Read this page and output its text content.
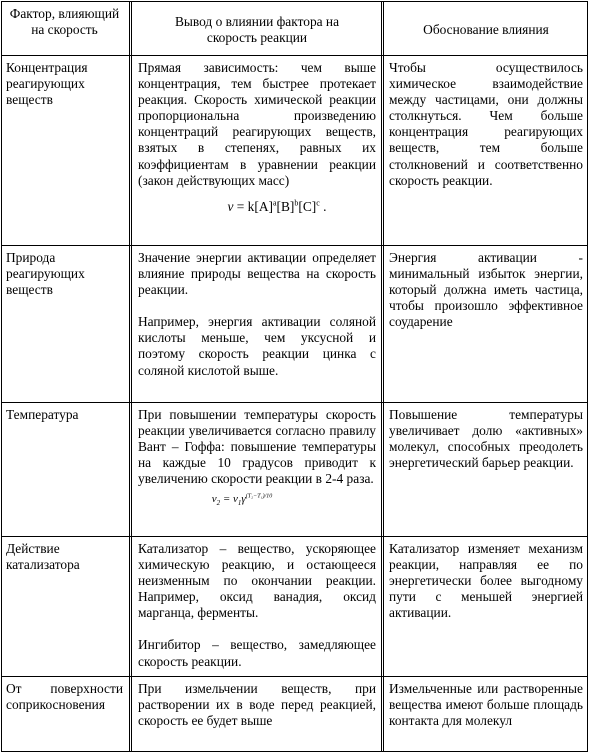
Фактор, влияющий на скорость
Вывод о влиянии фактора на скорость реакции
Обоснование влияния
Концентрация реагирующих веществ

Прямая зависимость: чем выше концентрация, тем быстрее протекает реакция. Скорость химической реакции пропорциональна произведению концентраций реагирующих веществ, взятых в степенях, равных их коэффициентам в уравнении реакции (закон действующих масс)

$v = k[A]^a[B]^b[C]^c$ .

Чтобы осуществилось химическое взаимодействие между частицами, они должны столкнуться. Чем больше концентрация реагирующих веществ, тем больше столкновений и соответственно скорость реакции.

Природа реагирующих веществ

Значение энергии активации определяет влияние природы вещества на скорость реакции.

Например, энергия активации соляной кислоты меньше, чем уксусной и поэтому скорость реакции цинка с соляной кислотой выше.

Энергия активации - минимальный избыток энергии, который должна иметь частица, чтобы произошло эффективное соударение

Температура	При повышении температуры скорость реакции увеличивается согласно правилу Вант – Гоффа: повышение температуры на каждые 10 градусов приводит к увеличению скорости реакции в 2-4 раза.

$v_2 = v_1\gamma^{(T_2-T_1)/10}$

Повышение температуры увеличивает долю «активных» молекул, способных преодолеть энергетический барьер реакции.

Действие катализатора

Катализатор – вещество, ускоряющее химическую реакцию, и остающееся неизменным по окончании реакции. Например, оксид ванадия, оксид марганца, ферменты.

Ингибитор – вещество, замедляющее скорость реакции.

Катализатор изменяет механизм реакции, направляя ее по энергетически более выгодному пути с меньшей энергией активации.

От поверхности соприкосновения

При измельчении веществ, при растворении их в воде перед реакцией, скорость ее будет выше

Измельченные или растворенные вещества имеют больше площадь контакта для молекул
